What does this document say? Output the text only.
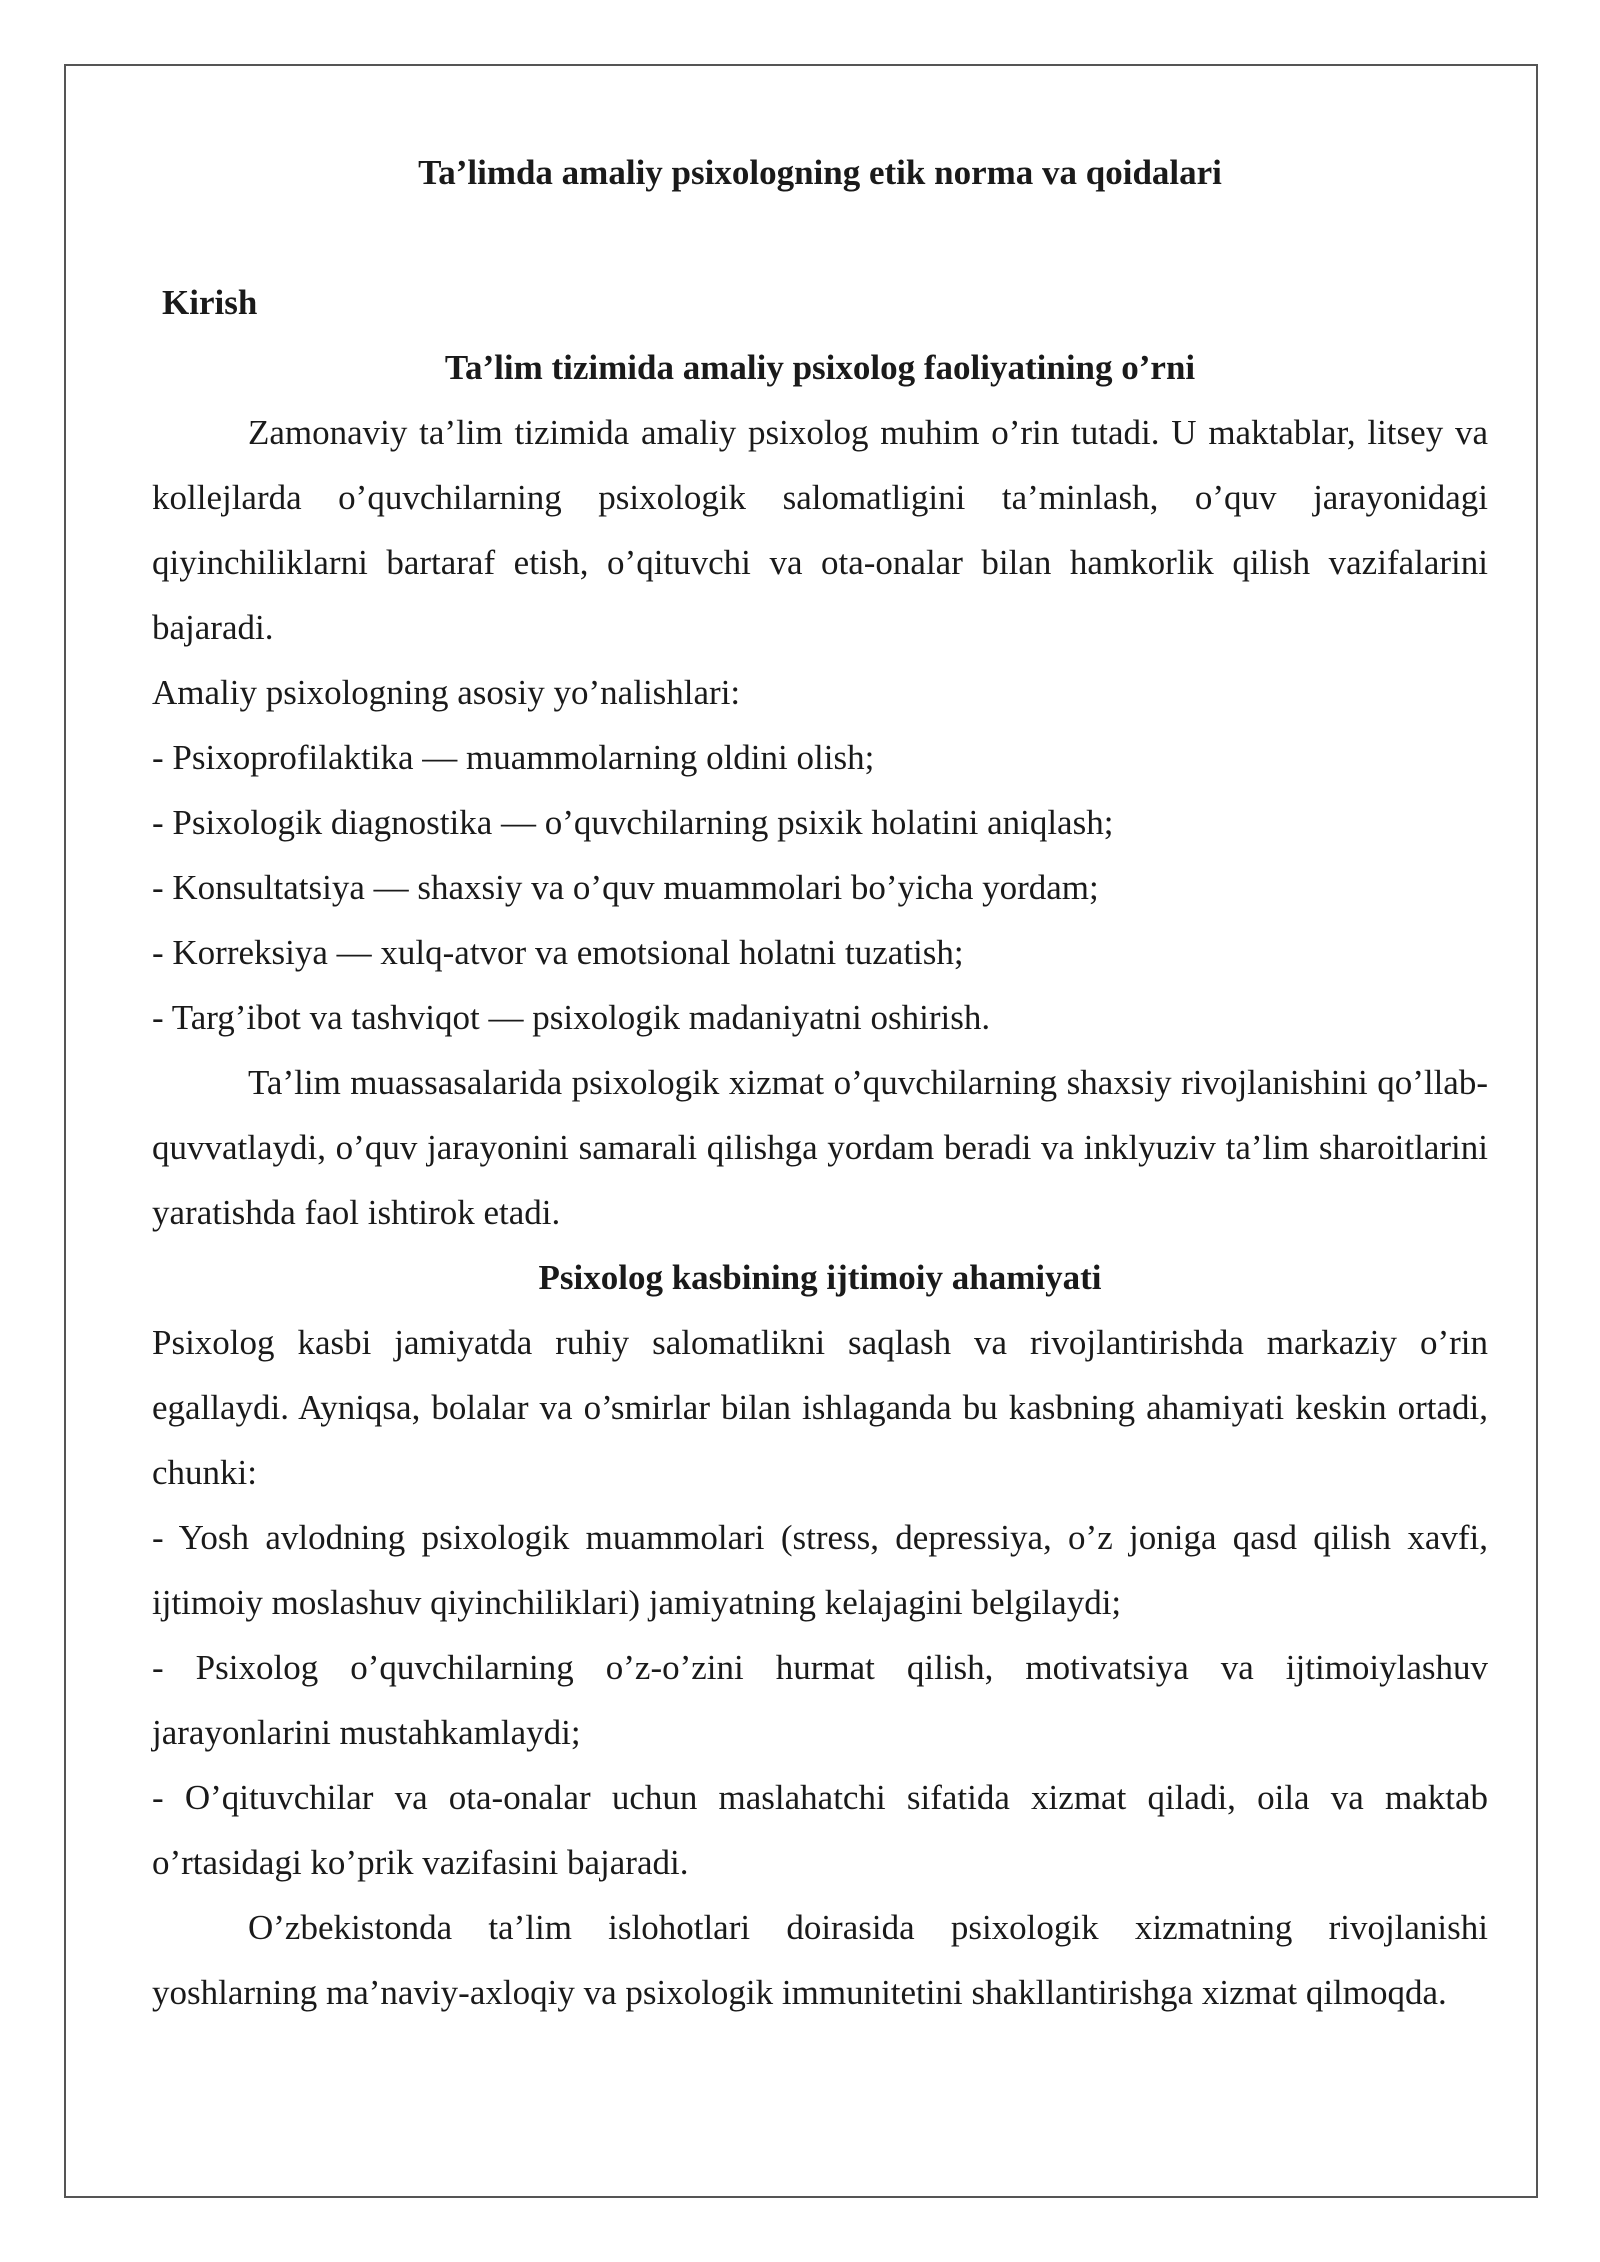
Ta’limda amaliy psixologning etik norma va qoidalari
Kirish
Ta’lim tizimida amaliy psixolog faoliyatining o’rni

Zamonaviy ta’lim tizimida amaliy psixolog muhim o’rin tutadi. U maktablar, litsey va kollejlarda o’quvchilarning psixologik salomatligini ta’minlash, o’quv jarayonidagi qiyinchiliklarni bartaraf etish, o’qituvchi va ota-onalar bilan hamkorlik qilish vazifalarini bajaradi.

Amaliy psixologning asosiy yo’nalishlari:

- Psixoprofilaktika — muammolarning oldini olish;
- Psixologik diagnostika — o’quvchilarning psixik holatini aniqlash;
- Konsultatsiya — shaxsiy va o’quv muammolari bo’yicha yordam;
- Korreksiya — xulq-atvor va emotsional holatni tuzatish;
- Targ’ibot va tashviqot — psixologik madaniyatni oshirish.

Ta’lim muassasalarida psixologik xizmat o’quvchilarning shaxsiy rivojlanishini qo’llab-quvvatlaydi, o’quv jarayonini samarali qilishga yordam beradi va inklyuziv ta’lim sharoitlarini yaratishda faol ishtirok etadi.

Psixolog kasbining ijtimoiy ahamiyati

Psixolog kasbi jamiyatda ruhiy salomatlikni saqlash va rivojlantirishda markaziy o’rin egallaydi. Ayniqsa, bolalar va o’smirlar bilan ishlaganda bu kasbning ahamiyati keskin ortadi, chunki:

- Yosh avlodning psixologik muammolari (stress, depressiya, o’z joniga qasd qilish xavfi, ijtimoiy moslashuv qiyinchiliklari) jamiyatning kelajagini belgilaydi;
- Psixolog o’quvchilarning o’z-o’zini hurmat qilish, motivatsiya va ijtimoiylashuv jarayonlarini mustahkamlaydi;
- O’qituvchilar va ota-onalar uchun maslahatchi sifatida xizmat qiladi, oila va maktab o’rtasidagi ko’prik vazifasini bajaradi.

O’zbekistonda ta’lim islohotlari doirasida psixologik xizmatning rivojlanishi yoshlarning ma’naviy-axloqiy va psixologik immunitetini shakllantirishga xizmat qilmoqda.
